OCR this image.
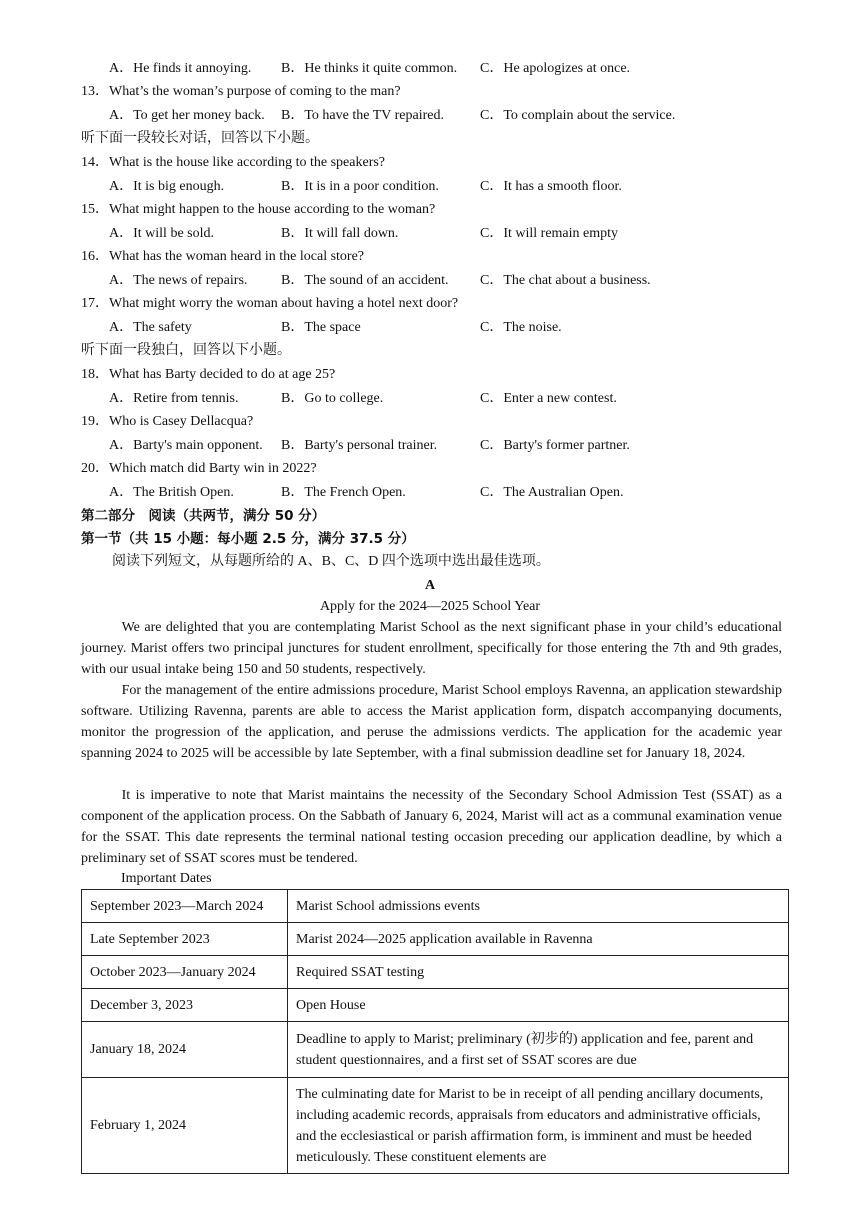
A．He finds it annoying. B．He thinks it quite common. C．He apologizes at once.
13．What’s the woman’s purpose of coming to the man?
A．To get her money back. B．To have the TV repaired.	C．To complain about the service.
听下面一段较长对话，回答以下小题。
14．What is the house like according to the speakers?
A．It is big enough.	B．It is in a poor condition.	C．It has a smooth floor.
15．What might happen to the house according to the woman?
A．It will be sold.	B．It will fall down.	C．It will remain empty
16．What has the woman heard in the local store?
A．The news of repairs. B．The sound of an accident. C．The chat about a business.
17．What might worry the woman about having a hotel next door?
A．The safety	B．The space	C．The noise.
听下面一段独白，回答以下小题。
18．What has Barty decided to do at age 25?
A．Retire from tennis.	B．Go to college.	C．Enter a new contest.
19．Who is Casey Dellacqua?
A．Barty's main opponent. B．Barty's personal trainer.	C．Barty's former partner.
20．Which match did Barty win in 2022?
A．The British Open.	B．The French Open.	C．The Australian Open.
第二部分　阅读（共两节，满分 50 分）
第一节（共 15 小题：每小题 2.5 分，满分 37.5 分）
阅读下列短文，从每题所给的 A、B、C、D 四个选项中选出最佳选项。
A
Apply for the 2024—2025 School Year
We are delighted that you are contemplating Marist School as the next significant phase in your child’s educational journey. Marist offers two principal junctures for student enrollment, specifically for those entering the 7th and 9th grades, with our usual intake being 150 and 50 students, respectively.
For the management of the entire admissions procedure, Marist School employs Ravenna, an application stewardship software. Utilizing Ravenna, parents are able to access the Marist application form, dispatch accompanying documents, monitor the progression of the application, and peruse the admissions verdicts. The application for the academic year spanning 2024 to 2025 will be accessible by late September, with a final submission deadline set for January 18, 2024.
It is imperative to note that Marist maintains the necessity of the Secondary School Admission Test (SSAT) as a component of the application process. On the Sabbath of January 6, 2024, Marist will act as a communal examination venue for the SSAT. This date represents the terminal national testing occasion preceding our application deadline, by which a preliminary set of SSAT scores must be tendered.
Important Dates
September 2023—March 2024	Marist School admissions events
Late September 2023	Marist 2024—2025 application available in Ravenna
October 2023—January 2024	Required SSAT testing
December 3, 2023	Open House
January 18, 2024	Deadline to apply to Marist; preliminary (初步的) application and fee, parent and student questionnaires, and a first set of SSAT scores are due
February 1, 2024	The culminating date for Marist to be in receipt of all pending ancillary documents, including academic records, appraisals from educators and administrative officials, and the ecclesiastical or parish affirmation form, is imminent and must be heeded meticulously. These constituent elements are
